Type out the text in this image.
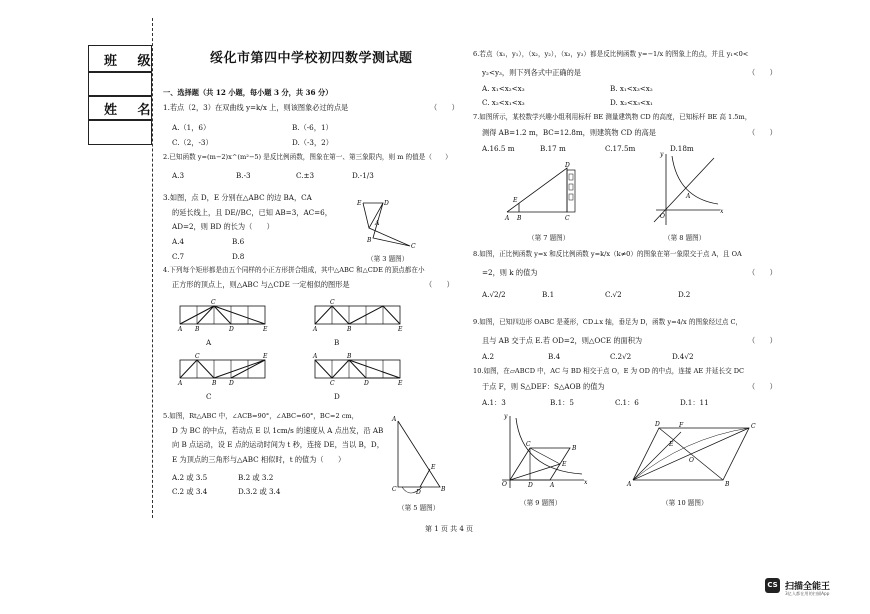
班 级
姓 名
绥化市第四中学校初四数学测试题
一、选择题（共 12 小题，每小题 3 分，共 36 分）
1.若点（2，3）在双曲线 y=k/x 上，则该图象必过的点是	（　　）
A.（1，6）	B.（-6，1）
C.（2，-3）	D.（-3，2）
2.已知函数 y=(m−2)x^(m²−5) 是反比例函数，图象在第一、第三象限内，则 m 的值是（　　）
A.3	B.-3	C.±3	D.-1/3
3.如图，点 D，E 分别在△ABC 的边 BA，CA
的延长线上，且 DE//BC，已知 AB=3，AC=6，
AD=2，则 BD 的长为（　　）
A.4	B.6
C.7	D.8
E	D
A
B
C
（第 3 题图）
4.下列每个矩形都是由五个同样的小正方形拼合组成，其中△ABC 和△CDE 的顶点都在小
正方形的顶点上，则△ABC 与△CDE 一定相似的图形是	（　　）
C
A B	D	E
A
C
A	B	E
B
C	E
A	B D
C
A	B
C	D	E
D
5.如图，Rt△ABC 中，∠ACB=90°，∠ABC=60°，BC=2 cm，
D 为 BC 的中点，若动点 E 以 1cm/s 的速度从 A 点出发，沿 AB
向 B 点运动，设 E 点的运动时间为 t 秒，连接 DE，当以 B，D，
E 为顶点的三角形与△ABC 相似时，t 的值为（　　）
A.2 或 3.5	B.2 或 3.2
C.2 或 3.4	D.3.2 或 3.4
A
C	D	B
E
（第 5 题图）
6.若点（x₁，y₁），（x₂，y₂），（x₃，y₃）都是反比例函数 y=−1/x 的图象上的点，并且 y₁<0<
y₂<y₃，则下列各式中正确的是	（　　）
A. x₁<x₂<x₃	B. x₁<x₃<x₂
C. x₂<x₁<x₃	D. x₂<x₃<x₁
7.如图所示，某校数学兴趣小组利用标杆 BE 测量建筑物 CD 的高度，已知标杆 BE 高 1.5m，
测得 AB=1.2 m，BC=12.8m，则建筑物 CD 的高是	（　　）
A.16.5 m	B.17 m	C.17.5m	D.18m
A B	C
D
E
（第 7 题图）
y
x
O
A
（第 8 题图）
8.如图，正比例函数 y=x 和反比例函数 y=k/x（k≠0）的图象在第一象限交于点 A，且 OA
=2，则 k 的值为	（　　）
A.√2/2	B.1	C.√2	D.2
9.如图，已知四边形 OABC 是菱形，CD⊥x 轴，垂足为 D，函数 y=4/x 的图象经过点 C，
且与 AB 交于点 E.若 OD=2，则△OCE 的面积为	（　　）
A.2	B.4	C.2√2	D.4√2
10.如图，在▱ABCD 中，AC 与 BD 相交于点 O，E 为 OD 的中点，连接 AE 并延长交 DC
于点 F，则 S△DEF：S△AOB 的值为	（　　）
A.1：3	B.1：5	C.1：6	D.1：11
y
x
O
C
B
E
D	A
（第 9 题图）
A	B
C
D	F
E
O
（第 10 题图）
第 1 页 共 4 页
CS 扫描全能王
3亿人都在用的扫描App
